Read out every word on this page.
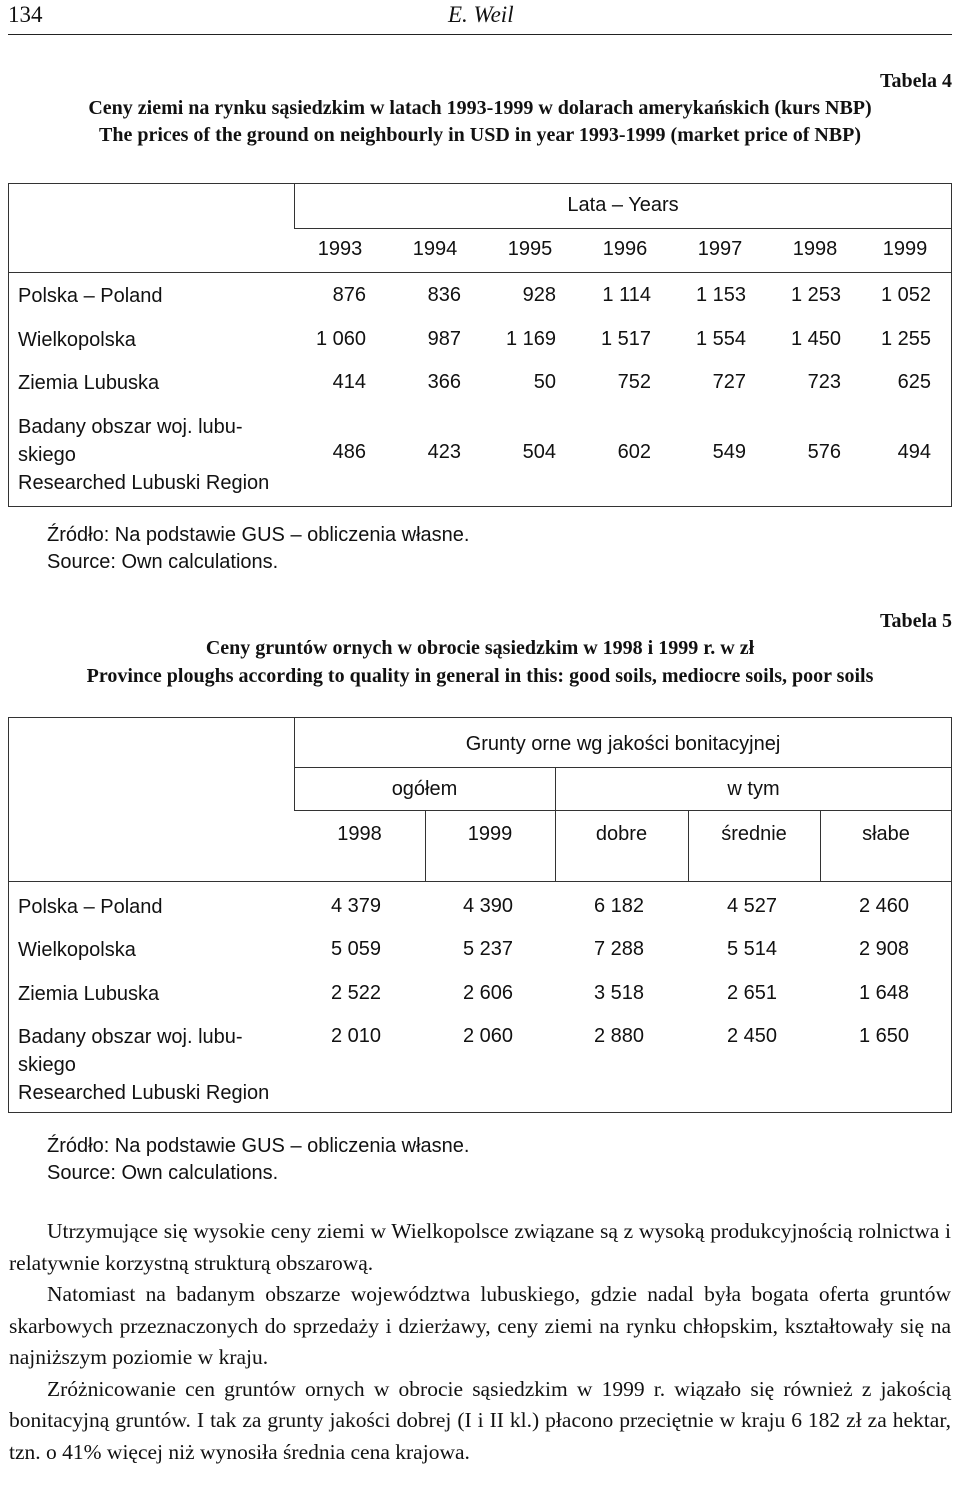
134	E. Weil
Tabela 4
Ceny ziemi na rynku sąsiedzkim w latach 1993-1999 w dolarach amerykańskich (kurs NBP)
The prices of the ground on neighbourly in USD in year 1993-1999 (market price of NBP)
Lata – Years
1993	1994	1995	1996	1997	1998 1999
Polska – Poland	876	836	928	1 114	1 153	1 253	1 052
Wielkopolska	1 060	987	1 169	1 517	1 554	1 450	1 255
Ziemia Lubuska	414	366	50	752	727	723	625
Badany obszar woj. lubu-
skiego
Researched Lubuski Region
486	423	504	602	549	576	494
Źródło: Na podstawie GUS – obliczenia własne.
Source: Own calculations.
Tabela 5
Ceny gruntów ornych w obrocie sąsiedzkim w 1998 i 1999 r. w zł
Province ploughs according to quality in general in this: good soils, mediocre soils, poor soils
Grunty orne wg jakości bonitacyjnej
ogółem	w tym
1998	1999	dobre	średnie	słabe
Polska – Poland	4 379	4 390	6 182	4 527	2 460
Wielkopolska	5 059	5 237	7 288	5 514	2 908
Ziemia Lubuska	2 522	2 606	3 518	2 651	1 648
Badany obszar woj. lubu-
skiego
Researched Lubuski Region
2 010	2 060	2 880	2 450	1 650
Źródło: Na podstawie GUS – obliczenia własne.
Source: Own calculations.

Utrzymujące się wysokie ceny ziemi w Wielkopolsce związane są z wysoką produkcyjnością rolnictwa i relatywnie korzystną strukturą obszarową.

Natomiast na badanym obszarze województwa lubuskiego, gdzie nadal była bogata oferta gruntów skarbowych przeznaczonych do sprzedaży i dzierżawy, ceny ziemi na rynku chłopskim, kształtowały się na najniższym poziomie w kraju.

Zróżnicowanie cen gruntów ornych w obrocie sąsiedzkim w 1999 r. wiązało się również z jakością bonitacyjną gruntów. I tak za grunty jakości dobrej (I i II kl.) płacono przeciętnie w kraju 6 182 zł za hektar, tzn. o 41% więcej niż wynosiła średnia cena krajowa.
